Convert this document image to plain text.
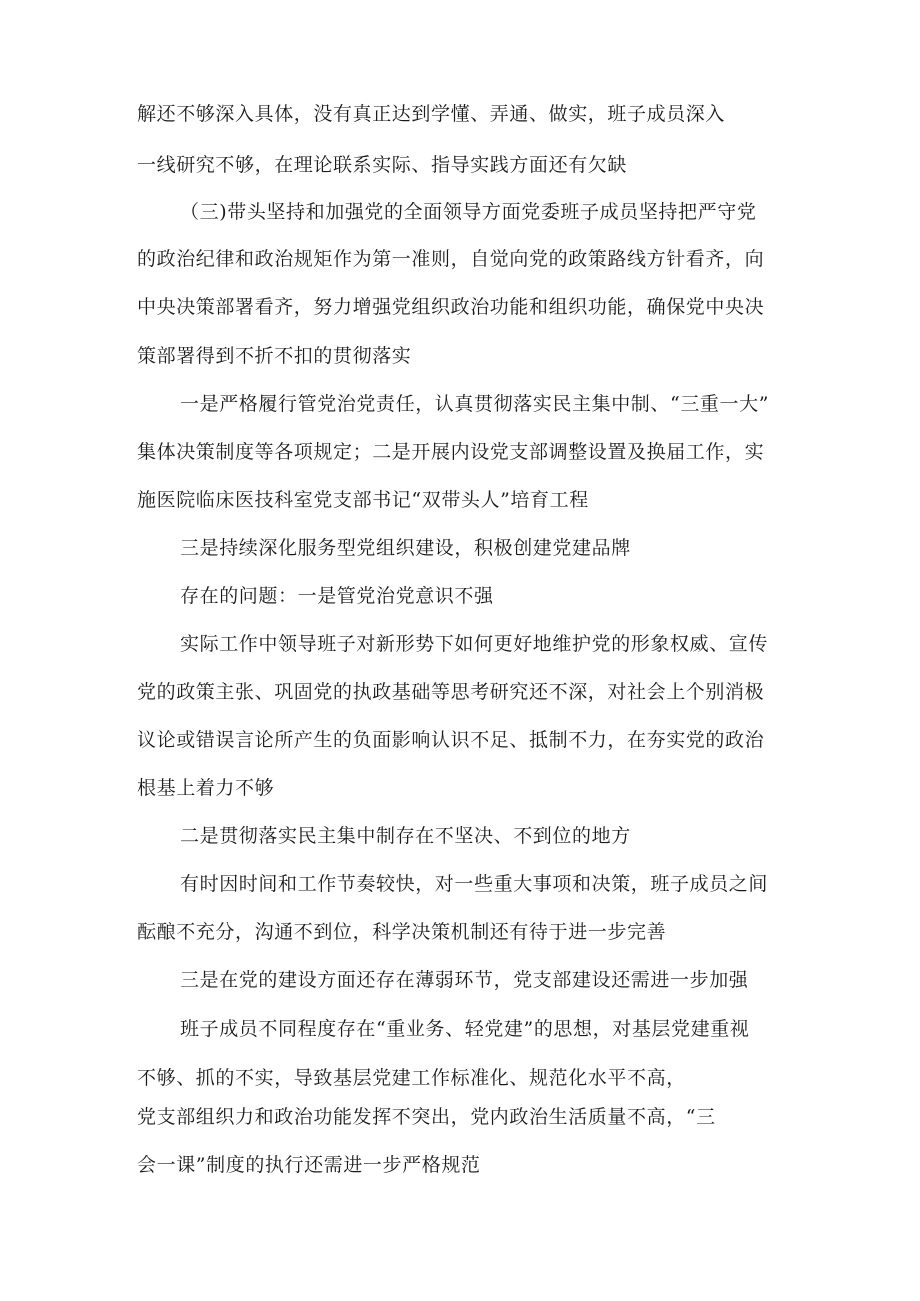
解还不够深入具体，没有真正达到学懂、弄通、做实，班子成员深入
一线研究不够，在理论联系实际、指导实践方面还有欠缺
（三)带头坚持和加强党的全面领导方面党委班子成员坚持把严守党
的政治纪律和政治规矩作为第一准则，自觉向党的政策路线方针看齐，向
中央决策部署看齐，努力增强党组织政治功能和组织功能，确保党中央决
策部署得到不折不扣的贯彻落实
一是严格履行管党治党责任，认真贯彻落实民主集中制、“三重一大”
集体决策制度等各项规定；二是开展内设党支部调整设置及换届工作，实
施医院临床医技科室党支部书记“双带头人”培育工程
三是持续深化服务型党组织建设，积极创建党建品牌
存在的问题：一是管党治党意识不强
实际工作中领导班子对新形势下如何更好地维护党的形象权威、宣传
党的政策主张、巩固党的执政基础等思考研究还不深，对社会上个别消极
议论或错误言论所产生的负面影响认识不足、抵制不力，在夯实党的政治
根基上着力不够
二是贯彻落实民主集中制存在不坚决、不到位的地方
有时因时间和工作节奏较快，对一些重大事项和决策，班子成员之间
酝酿不充分，沟通不到位，科学决策机制还有待于进一步完善
三是在党的建设方面还存在薄弱环节，党支部建设还需进一步加强
班子成员不同程度存在“重业务、轻党建”的思想，对基层党建重视
不够、抓的不实，导致基层党建工作标准化、规范化水平不高，
党支部组织力和政治功能发挥不突出，党内政治生活质量不高，“三
会一课”制度的执行还需进一步严格规范
